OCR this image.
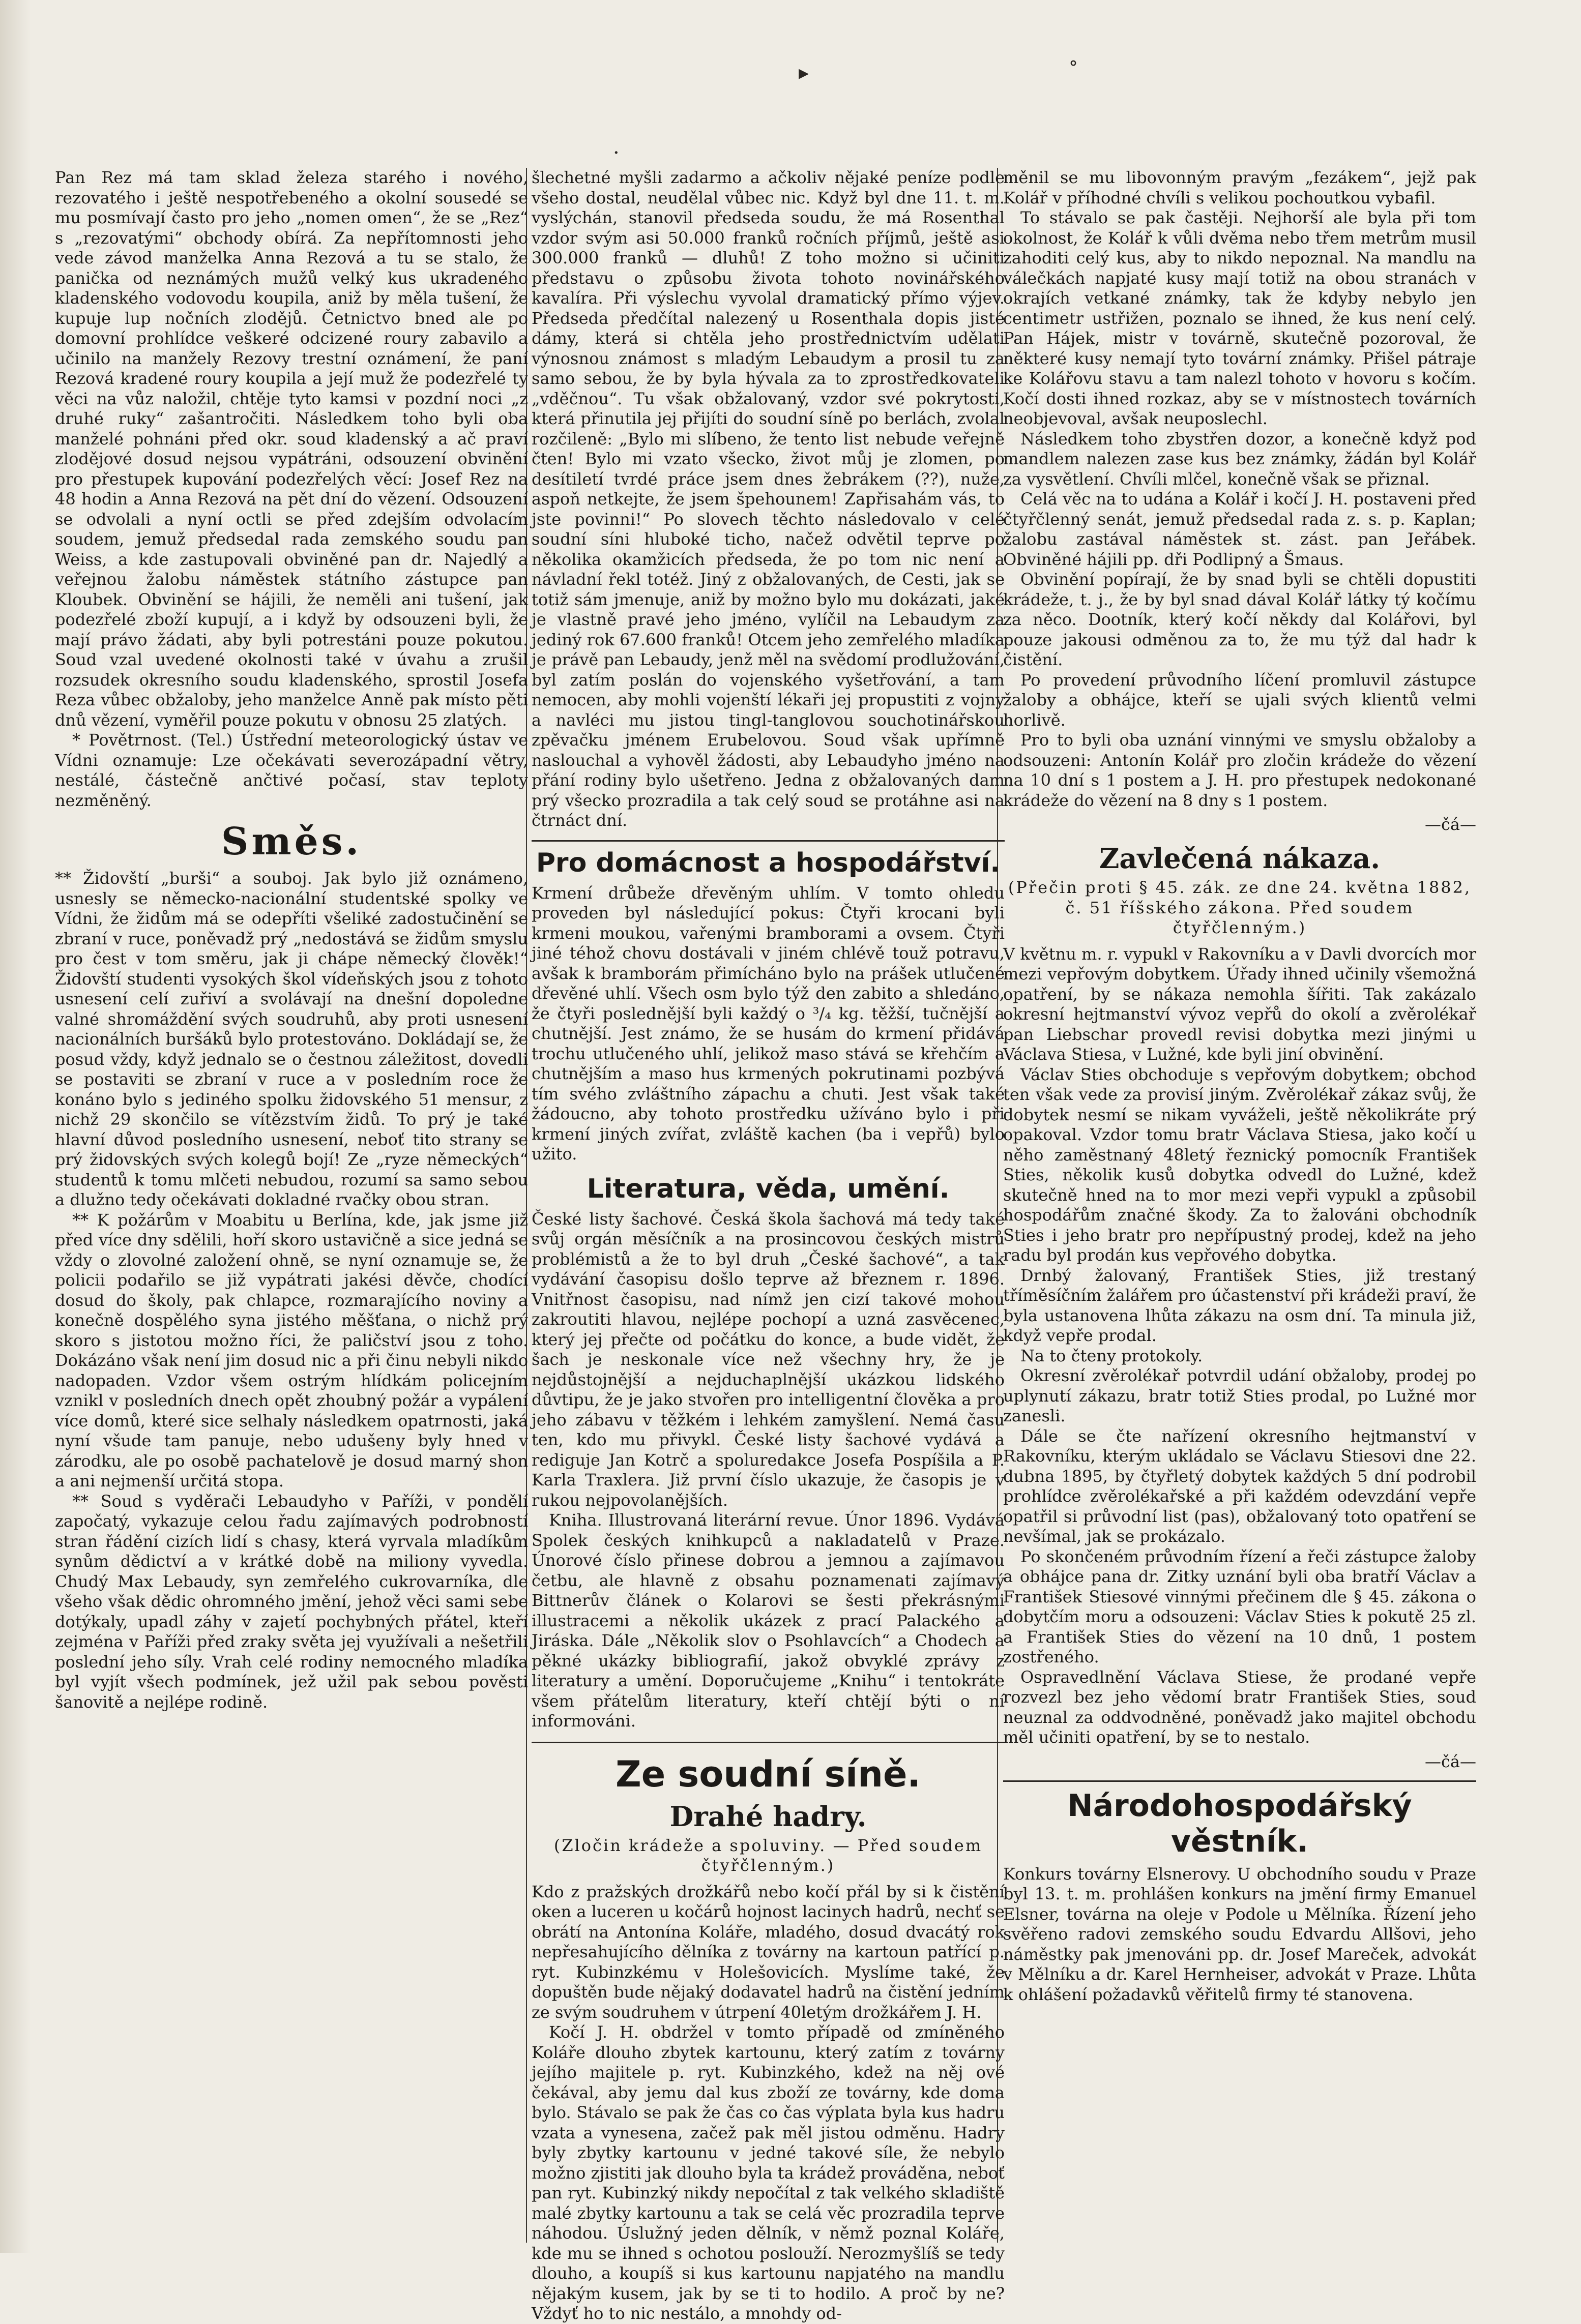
▸	˚
·

Pan Rez má tam sklad železa starého i nového, rezovatého i ještě nespotřebeného a okolní sousedé se mu posmívají často pro jeho „nomen omen“, že se „Rez“ s „rezovatými“ obchody obírá. Za nepřítomnosti jeho vede závod manželka Anna Rezová a tu se stalo, že panička od neznámých mužů velký kus ukradeného kladenského vodovodu koupila, aniž by měla tušení, že kupuje lup nočních zlodějů. Četnictvo bned ale po domovní prohlídce veškeré odcizené roury zabavilo a učinilo na manžely Rezovy trestní oznámení, že paní Rezová kradené roury koupila a její muž že podezřelé ty věci na vůz naložil, chtěje tyto kamsi v pozdní noci „z druhé ruky“ zašantročiti. Následkem toho byli oba manželé pohnáni před okr. soud kladenský a ač praví zlodějové dosud nejsou vypátráni, odsouzení obvinění pro přestupek kupování podezřelých věcí: Josef Rez na 48 hodin a Anna Rezová na pět dní do vězení. Odsouzení se odvolali a nyní octli se před zdejším odvolacím soudem, jemuž předsedal rada zemského soudu pan Weiss, a kde zastupovali obviněné pan dr. Najedlý a veřejnou žalobu náměstek státního zástupce pan Kloubek. Obvinění se hájili, že neměli ani tušení, jak podezřelé zboží kupují, a i když by odsouzeni byli, že mají právo žádati, aby byli potrestáni pouze pokutou. Soud vzal uvedené okolnosti také v úvahu a zrušil rozsudek okresního soudu kladenského, sprostil Josefa Reza vůbec obžaloby, jeho manželce Anně pak místo pěti dnů vězení, vyměřil pouze pokutu v obnosu 25 zlatých.

* Povětrnost. (Tel.) Ústřední meteorologický ústav ve Vídni oznamuje: Lze očekávati severozápadní větry, nestálé, částečně ančtivé počasí, stav teploty nezměněný.

Směs.

** Židovští „burši“ a souboj. Jak bylo již oznámeno, usnesly se německo-nacionální studentské spolky ve Vídni, že židům má se odepříti všeliké zadostučinění se zbraní v ruce, poněvadž prý „nedostává se židům smyslu pro čest v tom směru, jak ji chápe německý člověk!“ Židovští studenti vysokých škol vídeňských jsou z tohoto usnesení celí zuřiví a svolávají na dnešní dopoledne valné shromáždění svých soudruhů, aby proti usnesení nacionálních buršáků bylo protestováno. Dokládají se, že posud vždy, když jednalo se o čestnou záležitost, dovedli se postaviti se zbraní v ruce a v posledním roce že konáno bylo s jediného spolku židovského 51 mensur, z nichž 29 skončilo se vítězstvím židů. To prý je také hlavní důvod posledního usnesení, neboť tito strany se prý židovských svých kolegů bojí! Ze „ryze německých“ studentů k tomu mlčeti nebudou, rozumí sa samo sebou a dlužno tedy očekávati dokladné rvačky obou stran.

** K požárům v Moabitu u Berlína, kde, jak jsme již před více dny sdělili, hoří skoro ustavičně a sice jedná se vždy o zlovolné založení ohně, se nyní oznamuje se, že policii podařilo se již vypátrati jakési děvče, chodící dosud do školy, pak chlapce, rozmarajícího noviny a konečně dospělého syna jistého měšťana, o nichž prý skoro s jistotou možno říci, že paličství jsou z toho. Dokázáno však není jim dosud nic a při činu nebyli nikdo nadopaden. Vzdor všem ostrým hlídkám policejním vznikl v posledních dnech opět zhoubný požár a vypálení více domů, které sice selhaly následkem opatrnosti, jaká nyní všude tam panuje, nebo udušeny byly hned v zárodku, ale po osobě pachatelově je dosud marný shon a ani nejmenší určitá stopa.

** Soud s vyděrači Lebaudyho v Paříži, v pondělí započatý, vykazuje celou řadu zajímavých podrobností stran řádění cizích lidí s chasy, která vyrvala mladíkům synům dědictví a v krátké době na miliony vyvedla. Chudý Max Lebaudy, syn zemřelého cukrovarníka, dle všeho však dědic ohromného jmění, jehož věci sami sebe dotýkaly, upadl záhy v zajetí pochybných přátel, kteří zejména v Paříži před zraky světa jej využívali a nešetřili poslední jeho síly. Vrah celé rodiny nemocného mladíka byl vyjít všech podmínek, jež užil pak sebou pověsti šanovitě a nejlépe rodině.

šlechetné myšli zadarmo a ačkoliv nějaké peníze podle všeho dostal, neudělal vůbec nic. Když byl dne 11. t. m. vyslýchán, stanovil předseda soudu, že má Rosenthal vzdor svým asi 50.000 franků ročních příjmů, ještě asi 300.000 franků — dluhů! Z toho možno si učiniti představu o způsobu života tohoto novinářského kavalíra. Při výslechu vyvolal dramatický přímo výjev. Předseda předčítal nalezený u Rosenthala dopis jisté dámy, která si chtěla jeho prostřednictvím udělati výnosnou známost s mladým Lebaudym a prosil tu za samo sebou, že by byla hývala za to zprostředkovateli „vděčnou“. Tu však obžalovaný, vzdor své pokrytosti, která přinutila jej přijíti do soudní síně po berlách, zvolal rozčileně: „Bylo mi slíbeno, že tento list nebude veřejně čten! Bylo mi vzato všecko, život můj je zlomen, po desítiletí tvrdé práce jsem dnes žebrákem (??), nuže, aspoň netkejte, že jsem špehounem! Zapřisahám vás, to jste povinni!“ Po slovech těchto následovalo v celé soudní síni hluboké ticho, načež odvětil teprve po několika okamžicích předseda, že po tom nic není a návladní řekl totéž. Jiný z obžalovaných, de Cesti, jak se totiž sám jmenuje, aniž by možno bylo mu dokázati, jaké je vlastně pravé jeho jméno, vylíčil na Lebaudym za jediný rok 67.600 franků! Otcem jeho zemřelého mladíka je právě pan Lebaudy, jenž měl na svědomí prodlužování, byl zatím poslán do vojenského vyšetřování, a tam nemocen, aby mohli vojenští lékaři jej propustiti z vojny a navléci mu jistou tingl-tanglovou souchotinářskou zpěvačku jménem Erubelovou. Soud však upřímně naslouchal a vyhověl žádosti, aby Lebaudyho jméno na přání rodiny bylo ušetřeno. Jedna z obžalovaných dam prý všecko prozradila a tak celý soud se protáhne asi na čtrnáct dní.

Pro domácnost a hospodářství.

Krmení drůbeže dřevěným uhlím. V tomto ohledu proveden byl následující pokus: Čtyři krocani byli krmeni moukou, vařenými bramborami a ovsem. Čtyři jiné téhož chovu dostávali v jiném chlévě touž potravu, avšak k bramborám přimícháno bylo na prášek utlučené dřevěné uhlí. Všech osm bylo týž den zabito a shledáno, že čtyři poslednější byli každý o ³/₄ kg. těžší, tučnější a chutnější. Jest známo, že se husám do krmení přidává trochu utlučeného uhlí, jelikož maso stává se křehčím a chutnějším a maso hus krmených pokrutinami pozbývá tím svého zvláštního zápachu a chuti. Jest však také žádoucno, aby tohoto prostředku užíváno bylo i při krmení jiných zvířat, zvláště kachen (ba i vepřů) bylo užito.

Literatura, věda, umění.

České listy šachové. Česká škola šachová má tedy také svůj orgán měsíčník a na prosincovou českých mistrů problémistů a že to byl druh „České šachové“, a tak vydávání časopisu došlo teprve až březnem r. 1896. Vnitřnost časopisu, nad nímž jen cizí takové mohou zakroutiti hlavou, nejlépe pochopí a uzná zasvěcenec, který jej přečte od počátku do konce, a bude vidět, že šach je neskonale více než všechny hry, že je nejdůstojnější a nejduchaplnější ukázkou lidského důvtipu, že je jako stvořen pro intelligentní člověka a pro jeho zábavu v těžkém i lehkém zamyšlení. Nemá času ten, kdo mu přivykl. České listy šachové vydává a rediguje Jan Kotrč a spoluredakce Josefa Pospíšila a P. Karla Traxlera. Již první číslo ukazuje, že časopis je v rukou nejpovolanějších.

Kniha. Illustrovaná literární revue. Únor 1896. Vydává Spolek českých knihkupců a nakladatelů v Praze. Únorové číslo přinese dobrou a jemnou a zajímavou četbu, ale hlavně z obsahu poznamenati zajímavý Bittnerův článek o Kolarovi se šesti překrásnými illustracemi a několik ukázek z prací Palackého a Jiráska. Dále „Několik slov o Psohlavcích“ a Chodech a pěkné ukázky bibliografií, jakož obvyklé zprávy z literatury a umění. Doporučujeme „Knihu“ i tentokráte všem přátelům literatury, kteří chtějí býti o ní informováni.

Ze soudní síně.
Drahé hadry.
(Zločin krádeže a spoluviny. — Před soudem čtyřčlenným.)

Kdo z pražských drožkářů nebo kočí přál by si k čistění oken a luceren u kočárů hojnost lacinych hadrů, nechť se obrátí na Antonína Koláře, mladého, dosud dvacátý rok nepřesahujícího dělníka z továrny na kartoun patřící p. ryt. Kubinzkému v Holešovicích. Myslíme také, že dopuštěn bude nějaký dodavatel hadrů na čistění jedním ze svým soudruhem v útrpení 40letým drožkářem J. H.

Kočí J. H. obdržel v tomto případě od zmíněného Koláře dlouho zbytek kartounu, který zatím z továrny jejího majitele p. ryt. Kubinzkého, kdež na něj ové čekával, aby jemu dal kus zboží ze továrny, kde doma bylo. Stávalo se pak že čas co čas výplata byla kus hadru vzata a vynesena, začež pak měl jistou odměnu. Hadry byly zbytky kartounu v jedné takové síle, že nebylo možno zjistiti jak dlouho byla ta krádež prováděna, neboť pan ryt. Kubinzký nikdy nepočítal z tak velkého skladiště malé zbytky kartounu a tak se celá věc prozradila teprve náhodou. Úslužný jeden dělník, v němž poznal Koláře, kde mu se ihned s ochotou poslouží. Nerozmyšlíš se tedy dlouho, a koupíš si kus kartounu napjatého na mandlu nějakým kusem, jak by se ti to hodilo. A proč by ne? Vždyť ho to nic nestálo, a mnohdy od-

měnil se mu libovonným pravým „fezákem“, jejž pak Kolář v příhodné chvíli s velikou pochoutkou vybafil.

To stávalo se pak častěji. Nejhorší ale byla při tom okolnost, že Kolář k vůli dvěma nebo třem metrům musil zahoditi celý kus, aby to nikdo nepoznal. Na mandlu na válečkách napjaté kusy mají totiž na obou stranách v okrajích vetkané známky, tak že kdyby nebylo jen centimetr ustřižen, poznalo se ihned, že kus není celý. Pan Hájek, mistr v továrně, skutečně pozoroval, že některé kusy nemají tyto tovární známky. Přišel pátraje ke Kolářovu stavu a tam nalezl tohoto v hovoru s kočím. Kočí dosti ihned rozkaz, aby se v místnostech továrních neobjevoval, avšak neuposlechl.

Následkem toho zbystřen dozor, a konečně když pod mandlem nalezen zase kus bez známky, žádán byl Kolář za vysvětlení. Chvíli mlčel, konečně však se přiznal.

Celá věc na to udána a Kolář i kočí J. H. postaveni před čtyřčlenný senát, jemuž předsedal rada z. s. p. Kaplan; žalobu zastával náměstek st. zást. pan Jeřábek. Obviněné hájili pp. dři Podlipný a Šmaus.

Obvinění popírají, že by snad byli se chtěli dopustiti krádeže, t. j., že by byl snad dával Kolář látky tý kočímu za něco. Dootník, který kočí někdy dal Kolářovi, byl pouze jakousi odměnou za to, že mu týž dal hadr k čistění.

Po provedení průvodního líčení promluvil zástupce žaloby a obhájce, kteří se ujali svých klientů velmi horlivě.

Pro to byli oba uznání vinnými ve smyslu obžaloby a odsouzeni: Antonín Kolář pro zločin krádeže do vězení na 10 dní s 1 postem a J. H. pro přestupek nedokonané krádeže do vězení na 8 dny s 1 postem.

—čá—
Zavlečená nákaza.
(Přečin proti § 45. zák. ze dne 24. května 1882, č. 51 říšského zákona. Před soudem čtyřčlenným.)

V květnu m. r. vypukl v Rakovníku a v Davli dvorcích mor mezi vepřovým dobytkem. Úřady ihned učinily všemožná opatření, by se nákaza nemohla šířiti. Tak zakázalo okresní hejtmanství vývoz vepřů do okolí a zvěrolékař pan Liebschar provedl revisi dobytka mezi jinými u Václava Stiesa, v Lužné, kde byli jiní obvinění.

Václav Sties obchoduje s vepřovým dobytkem; obchod ten však vede za provisí jiným. Zvěrolékař zákaz svůj, že dobytek nesmí se nikam vyváželi, ještě několikráte prý opakoval. Vzdor tomu bratr Václava Stiesa, jako kočí u něho zaměstnaný 48letý řeznický pomocník František Sties, několik kusů dobytka odvedl do Lužné, kdež skutečně hned na to mor mezi vepři vypukl a způsobil hospodářům značné škody. Za to žalováni obchodník Sties i jeho bratr pro nepřípustný prodej, kdež na jeho radu byl prodán kus vepřového dobytka.

Drnbý žalovaný, František Sties, již trestaný tříměsíčním žalářem pro účastenství při krádeži praví, že byla ustanovena lhůta zákazu na osm dní. Ta minula již, když vepře prodal.

Na to čteny protokoly.

Okresní zvěrolékař potvrdil udání obžaloby, prodej po uplynutí zákazu, bratr totiž Sties prodal, po Lužné mor zanesli.

Dále se čte nařízení okresního hejtmanství v Rakovníku, kterým ukládalo se Václavu Stiesovi dne 22. dubna 1895, by čtyřletý dobytek každých 5 dní podrobil prohlídce zvěrolékařské a při každém odevzdání vepře opatřil si průvodní list (pas), obžalovaný toto opatření se nevšímal, jak se prokázalo.

Po skončeném průvodním řízení a řeči zástupce žaloby a obhájce pana dr. Zitky uznání byli oba bratří Václav a František Stiesové vinnými přečinem dle § 45. zákona o dobytčím moru a odsouzeni: Václav Sties k pokutě 25 zl. a František Sties do vězení na 10 dnů, 1 postem zostřeného.

Ospravedlnění Václava Stiese, že prodané vepře rozvezl bez jeho vědomí bratr František Sties, soud neuznal za oddvodněné, poněvadž jako majitel obchodu měl učiniti opatření, by se to nestalo.

—čá—
Národohospodářský věstník.

Konkurs továrny Elsnerovy. U obchodního soudu v Praze byl 13. t. m. prohlášen konkurs na jmění firmy Emanuel Elsner, továrna na oleje v Podole u Mělníka. Řízení jeho svěřeno radovi zemského soudu Edvardu Allšovi, jeho náměstky pak jmenováni pp. dr. Josef Mareček, advokát v Mělníku a dr. Karel Hernheiser, advokát v Praze. Lhůta k ohlášení požadavků věřitelů firmy té stanovena.
